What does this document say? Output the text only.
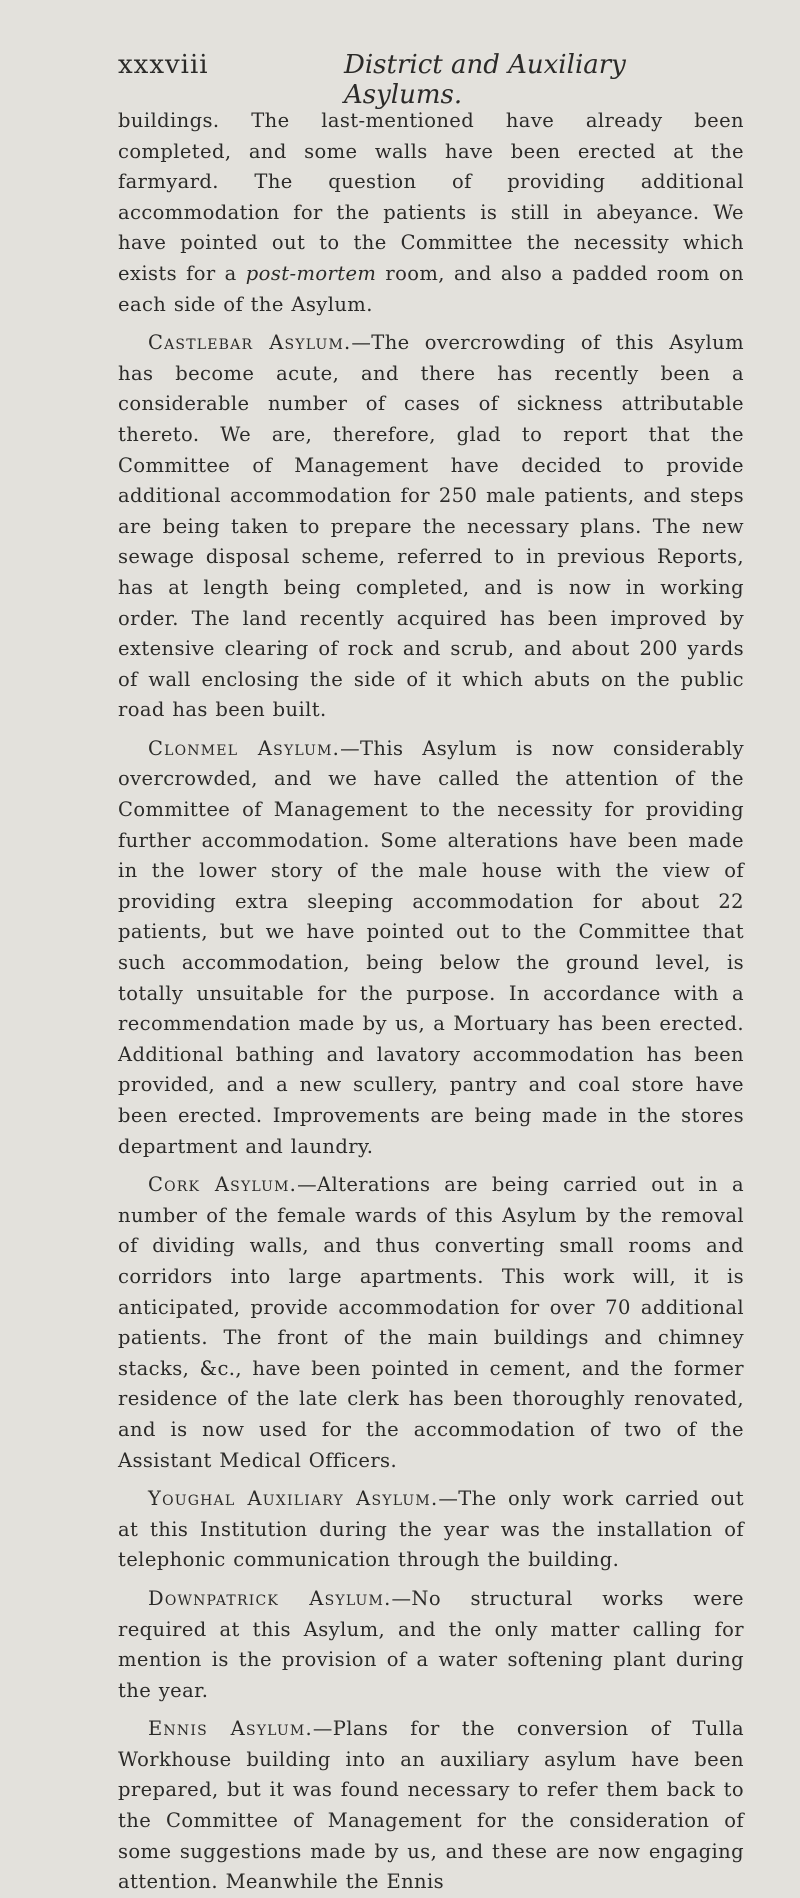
xxxviii	District and Auxiliary Asylums.

buildings. The last-mentioned have already been completed, and some walls have been erected at the farmyard. The question of providing additional accommodation for the patients is still in abeyance. We have pointed out to the Committee the necessity which exists for a post-mortem room, and also a padded room on each side of the Asylum.

Castlebar Asylum.—The overcrowding of this Asylum has become acute, and there has recently been a considerable number of cases of sickness attributable thereto. We are, therefore, glad to report that the Committee of Management have decided to provide additional accommodation for 250 male patients, and steps are being taken to prepare the necessary plans. The new sewage disposal scheme, referred to in previous Reports, has at length being completed, and is now in working order. The land recently acquired has been improved by extensive clearing of rock and scrub, and about 200 yards of wall enclosing the side of it which abuts on the public road has been built.

Clonmel Asylum.—This Asylum is now considerably overcrowded, and we have called the attention of the Committee of Management to the necessity for providing further accommodation. Some alterations have been made in the lower story of the male house with the view of providing extra sleeping accommodation for about 22 patients, but we have pointed out to the Committee that such accommodation, being below the ground level, is totally unsuitable for the purpose. In accordance with a recommendation made by us, a Mortuary has been erected. Additional bathing and lavatory accommodation has been provided, and a new scullery, pantry and coal store have been erected. Improvements are being made in the stores department and laundry.

Cork Asylum.—Alterations are being carried out in a number of the female wards of this Asylum by the removal of dividing walls, and thus converting small rooms and corridors into large apartments. This work will, it is anticipated, provide accommodation for over 70 additional patients. The front of the main buildings and chimney stacks, &c., have been pointed in cement, and the former residence of the late clerk has been thoroughly renovated, and is now used for the accommodation of two of the Assistant Medical Officers.

Youghal Auxiliary Asylum.—The only work carried out at this Institution during the year was the installation of telephonic communication through the building.

Downpatrick Asylum.—No structural works were required at this Asylum, and the only matter calling for mention is the provision of a water softening plant during the year.

Ennis Asylum.—Plans for the conversion of Tulla Workhouse building into an auxiliary asylum have been prepared, but it was found necessary to refer them back to the Committee of Management for the consideration of some suggestions made by us, and these are now engaging attention. Meanwhile the Ennis
